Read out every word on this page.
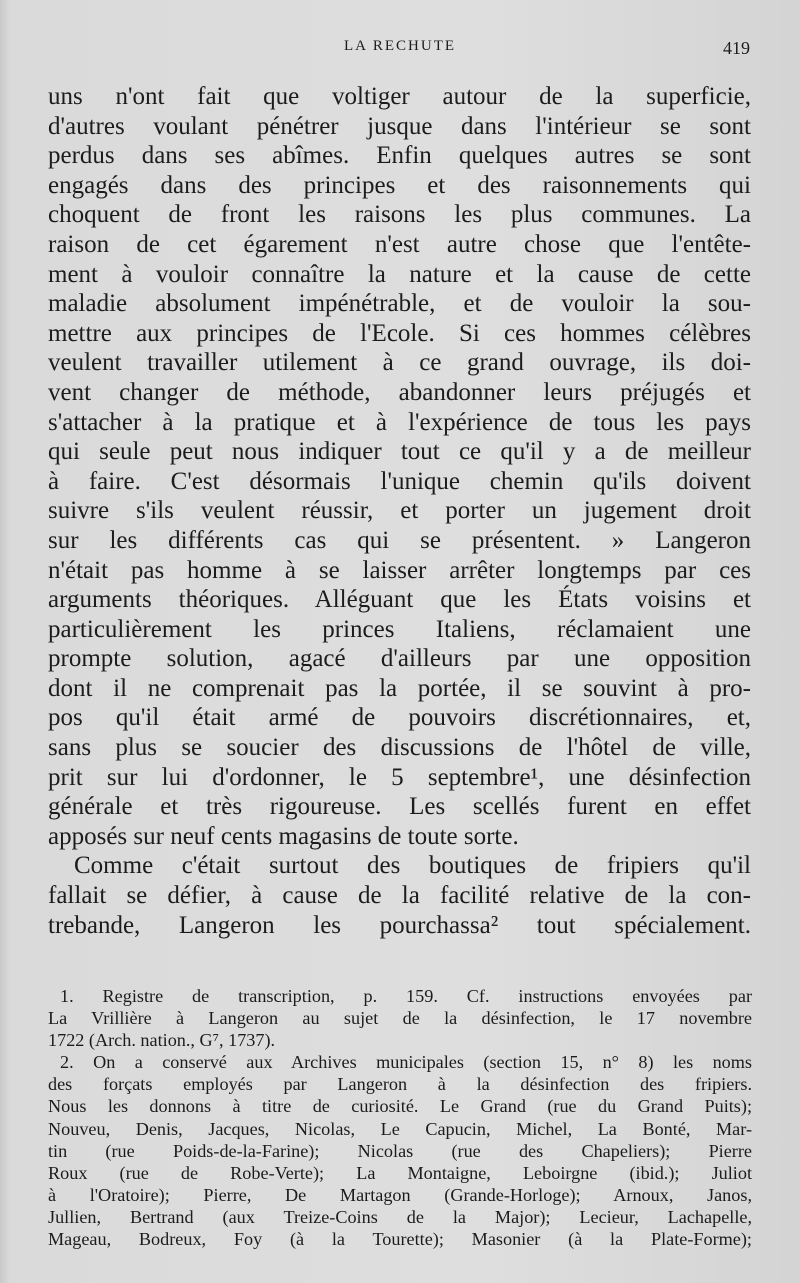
LA RECHUTE	419
uns n'ont fait que voltiger autour de la superficie,
d'autres voulant pénétrer jusque dans l'intérieur se sont
perdus dans ses abîmes. Enfin quelques autres se sont
engagés dans des principes et des raisonnements qui
choquent de front les raisons les plus communes. La
raison de cet égarement n'est autre chose que l'entête-
ment à vouloir connaître la nature et la cause de cette
maladie absolument impénétrable, et de vouloir la sou-
mettre aux principes de l'Ecole. Si ces hommes célèbres
veulent travailler utilement à ce grand ouvrage, ils doi-
vent changer de méthode, abandonner leurs préjugés et
s'attacher à la pratique et à l'expérience de tous les pays
qui seule peut nous indiquer tout ce qu'il y a de meilleur
à faire. C'est désormais l'unique chemin qu'ils doivent
suivre s'ils veulent réussir, et porter un jugement droit
sur les différents cas qui se présentent. » Langeron
n'était pas homme à se laisser arrêter longtemps par ces
arguments théoriques. Alléguant que les États voisins et
particulièrement les princes Italiens, réclamaient une
prompte solution, agacé d'ailleurs par une opposition
dont il ne comprenait pas la portée, il se souvint à pro-
pos qu'il était armé de pouvoirs discrétionnaires, et,
sans plus se soucier des discussions de l'hôtel de ville,
prit sur lui d'ordonner, le 5 septembre¹, une désinfection
générale et très rigoureuse. Les scellés furent en effet
apposés sur neuf cents magasins de toute sorte.
Comme c'était surtout des boutiques de fripiers qu'il
fallait se défier, à cause de la facilité relative de la con-
trebande, Langeron les pourchassa² tout spécialement.
1. Registre de transcription, p. 159. Cf. instructions envoyées par
La Vrillière à Langeron au sujet de la désinfection, le 17 novembre
1722 (Arch. nation., G⁷, 1737).
2. On a conservé aux Archives municipales (section 15, n° 8) les noms
des forçats employés par Langeron à la désinfection des fripiers.
Nous les donnons à titre de curiosité. Le Grand (rue du Grand Puits);
Nouveu, Denis, Jacques, Nicolas, Le Capucin, Michel, La Bonté, Mar-
tin (rue Poids-de-la-Farine); Nicolas (rue des Chapeliers); Pierre
Roux (rue de Robe-Verte); La Montaigne, Leboirgne (ibid.); Juliot
à l'Oratoire); Pierre, De Martagon (Grande-Horloge); Arnoux, Janos,
Jullien, Bertrand (aux Treize-Coins de la Major); Lecieur, Lachapelle,
Mageau, Bodreux, Foy (à la Tourette); Masonier (à la Plate-Forme);
